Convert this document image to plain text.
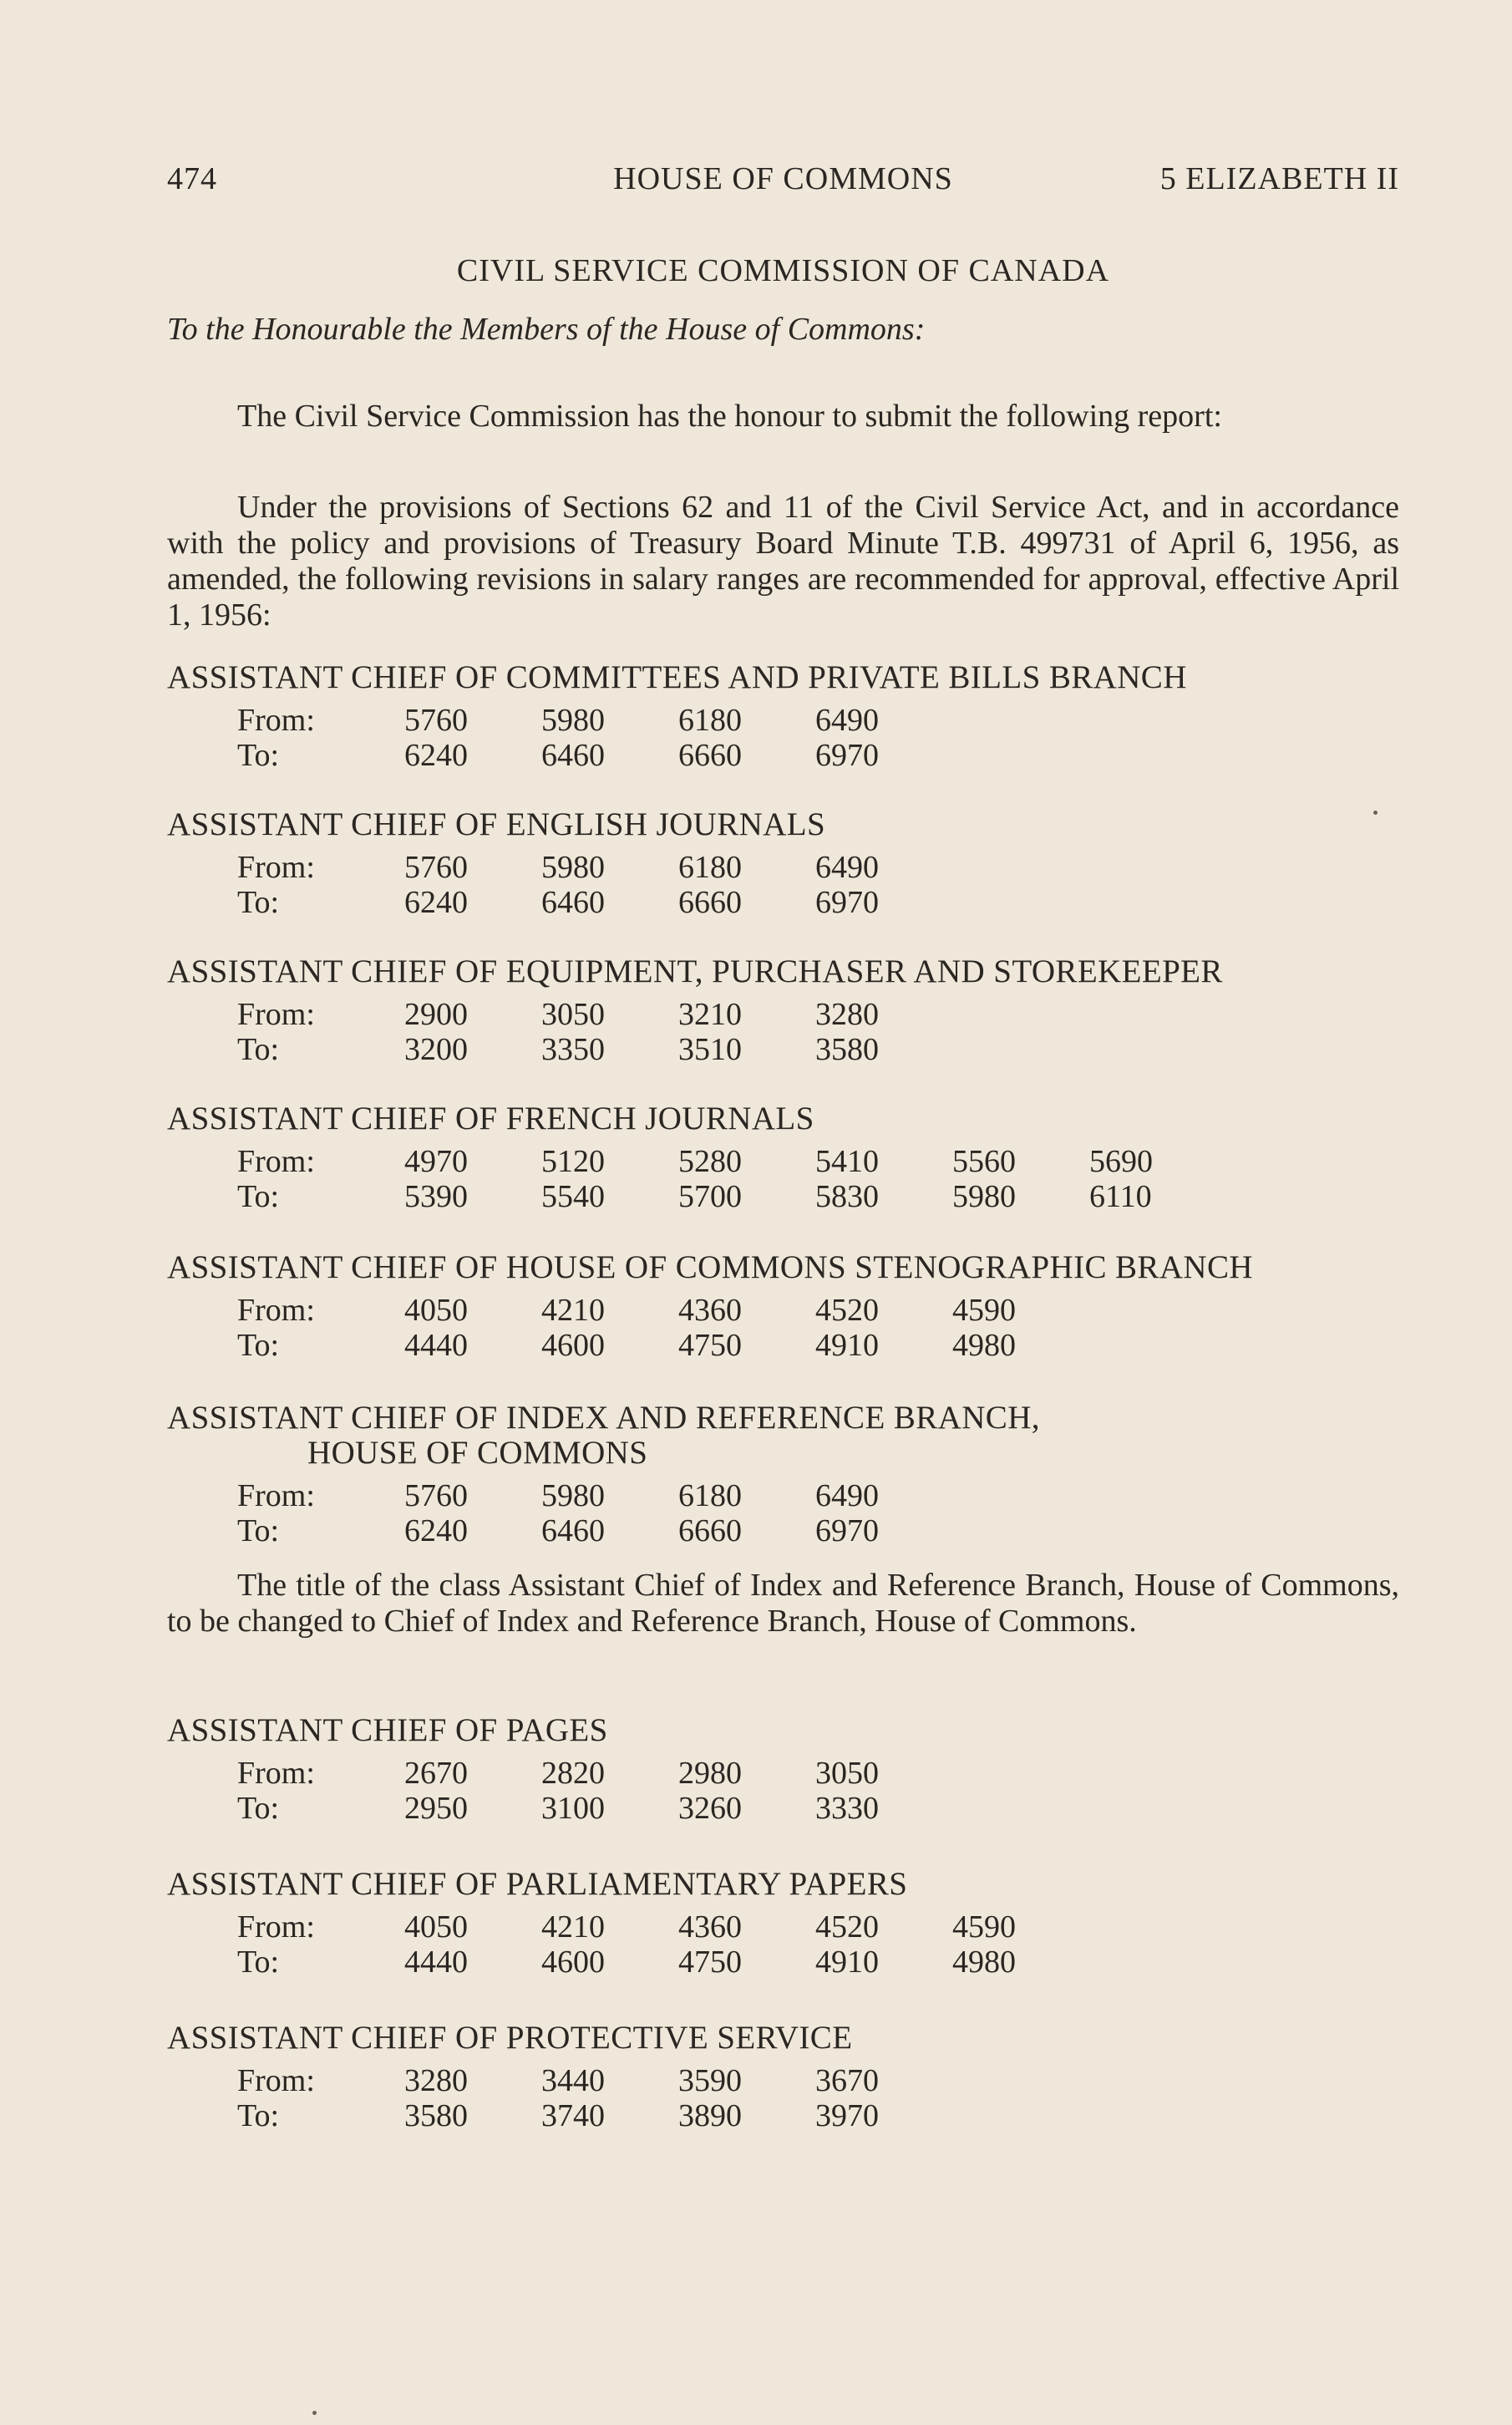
474	HOUSE OF COMMONS	5 ELIZABETH II
CIVIL SERVICE COMMISSION OF CANADA
To the Honourable the Members of the House of Commons:
The Civil Service Commission has the honour to submit the following report:
Under the provisions of Sections 62 and 11 of the Civil Service Act, and in accordance with the policy and provisions of Treasury Board Minute T.B. 499731 of April 6, 1956, as amended, the following revisions in salary ranges are recommended for approval, effective April 1, 1956:
ASSISTANT CHIEF OF COMMITTEES AND PRIVATE BILLS BRANCH
From:	5760 5980 6180 6490
To:	6240 6460 6660 6970
ASSISTANT CHIEF OF ENGLISH JOURNALS
From:	5760 5980 6180 6490
To:	6240 6460 6660 6970
ASSISTANT CHIEF OF EQUIPMENT, PURCHASER AND STOREKEEPER
From:	2900 3050 3210 3280
To:	3200 3350 3510 3580
ASSISTANT CHIEF OF FRENCH JOURNALS
From:	4970 5120 5280 5410 5560 5690
To:	5390 5540 5700 5830 5980 6110
ASSISTANT CHIEF OF HOUSE OF COMMONS STENOGRAPHIC BRANCH
From:	4050 4210 4360 4520 4590
To:	4440 4600 4750 4910 4980
ASSISTANT CHIEF OF INDEX AND REFERENCE BRANCH,
HOUSE OF COMMONS
From:	5760 5980 6180 6490
To:	6240 6460 6660 6970
ASSISTANT CHIEF OF PAGES
From:	2670 2820 2980 3050
To:	2950 3100 3260 3330
ASSISTANT CHIEF OF PARLIAMENTARY PAPERS
From:	4050 4210 4360 4520 4590
To:	4440 4600 4750 4910 4980
ASSISTANT CHIEF OF PROTECTIVE SERVICE
From:	3280 3440 3590 3670
To:	3580 3740 3890 3970
The title of the class Assistant Chief of Index and Reference Branch, House of Commons, to be changed to Chief of Index and Reference Branch, House of Commons.
